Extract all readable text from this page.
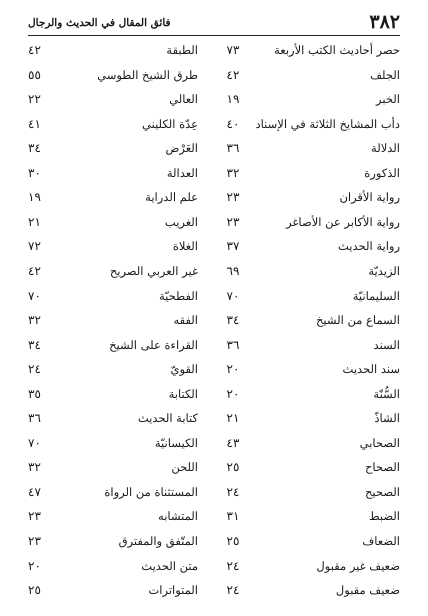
٣٨٢
فائق المقال في الحديث والرجال
حصر أحاديث الكتب الأربعة
٧٣
الطبقة
٤٢
الجلف
٤٢
طرق الشيخ الطوسي
٥٥
الخبر
١٩
العالي
٢٢
دأب المشايخ الثلاثة في الإسناد
٤٠
عِدّة الكليني
٤١
الدلالة
٣٦
العَرْض
٣٤
الذكورة
٣٢
العدالة
٣٠
رواية الأقران
٢٣
علم الدراية
١٩
رواية الأكابر عن الأصاغر
٢٣
الغريب
٢١
رواية الحديث
٣٧
الغلاة
٧٢
الزيديّة
٦٩
غير العربي الصريح
٤٢
السليمانيّة
٧٠
الفطحيّة
٧٠
السماع من الشيخ
٣٤
الفقه
٣٢
السند
٣٦
القراءة على الشيخ
٣٤
سند الحديث
٢٠
القويّ
٢٤
السُّنّة
٢٠
الكتابة
٣٥
الشاذّ
٢١
كتابة الحديث
٣٦
الصحابي
٤٣
الكيسانيّة
٧٠
الصحاح
٢٥
اللحن
٣٢
الصحيح
٢٤
المستثناة من الرواة
٤٧
الضبط
٣١
المتشابه
٢٣
الضعاف
٢٥
المتّفق والمفترق
٢٣
ضعيف غير مقبول
٢٤
متن الحديث
٢٠
ضعيف مقبول
٢٤
المتواترات
٢٥
